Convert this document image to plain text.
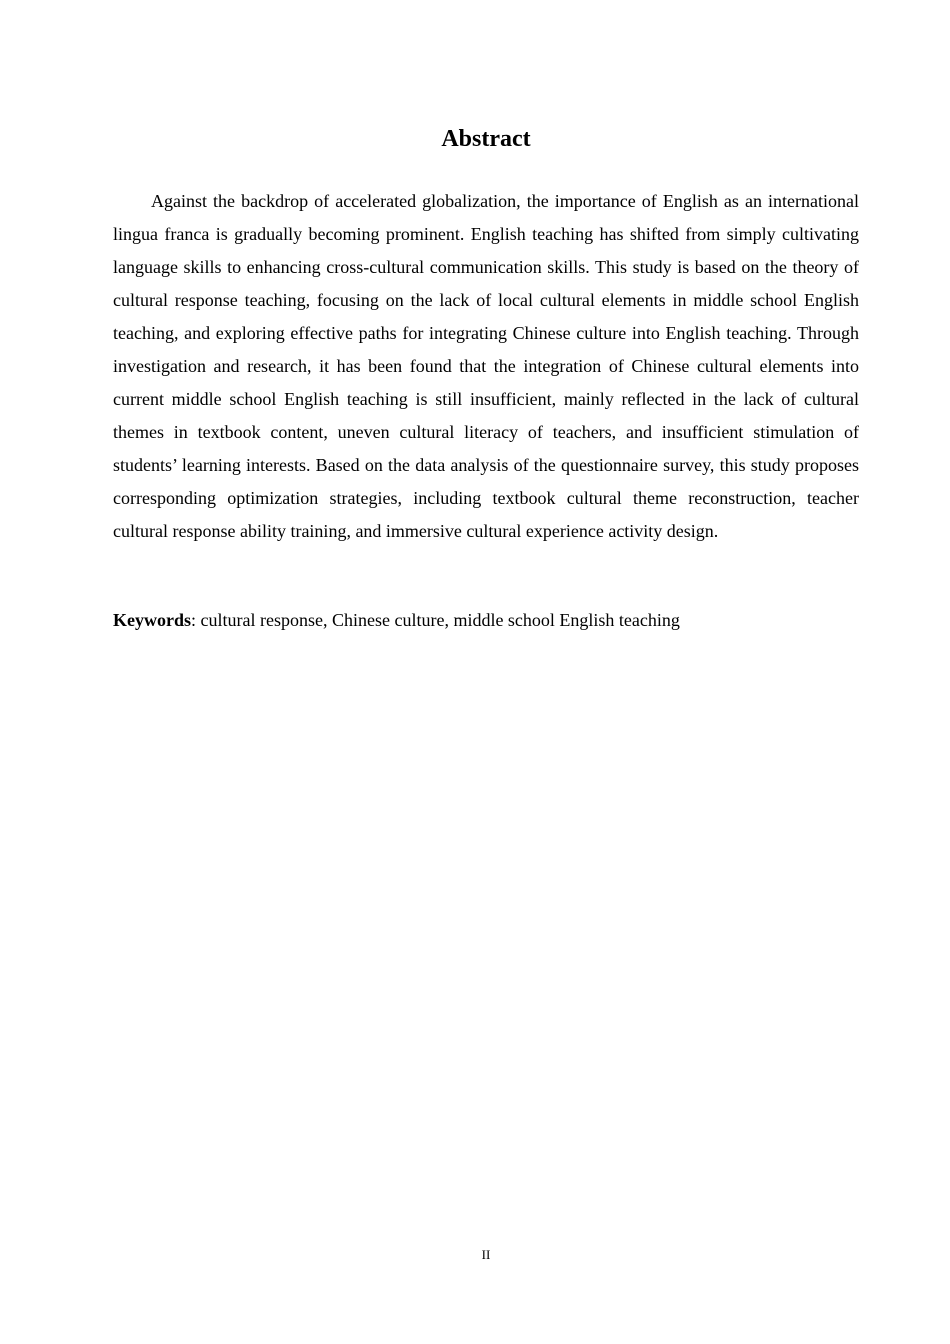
Abstract

Against the backdrop of accelerated globalization, the importance of English as an international lingua franca is gradually becoming prominent. English teaching has shifted from simply cultivating language skills to enhancing cross-cultural communication skills. This study is based on the theory of cultural response teaching, focusing on the lack of local cultural elements in middle school English teaching, and exploring effective paths for integrating Chinese culture into English teaching. Through investigation and research, it has been found that the integration of Chinese cultural elements into current middle school English teaching is still insufficient, mainly reflected in the lack of cultural themes in textbook content, uneven cultural literacy of teachers, and insufficient stimulation of students’ learning interests. Based on the data analysis of the questionnaire survey, this study proposes corresponding optimization strategies, including textbook cultural theme reconstruction, teacher cultural response ability training, and immersive cultural experience activity design.

Keywords: cultural response, Chinese culture, middle school English teaching

II
